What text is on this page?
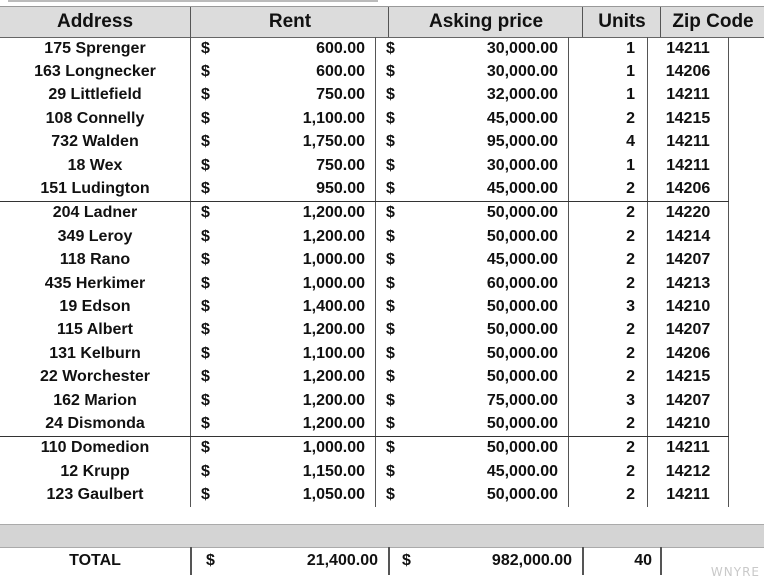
Address	Rent	Asking price	Units	Zip Code
175 Sprenger	$	600.00	$	30,000.00	1	14211
163 Longnecker	$	600.00	$	30,000.00	1	14206
29 Littlefield	$	750.00	$	32,000.00	1	14211
108 Connelly	$	1,100.00	$	45,000.00	2	14215
732 Walden	$	1,750.00	$	95,000.00	4	14211
18 Wex	$	750.00	$	30,000.00	1	14211
151 Ludington	$	950.00	$	45,000.00	2	14206
204 Ladner	$	1,200.00	$	50,000.00	2	14220
349 Leroy	$	1,200.00	$	50,000.00	2	14214
118 Rano	$	1,000.00	$	45,000.00	2	14207
435 Herkimer	$	1,000.00	$	60,000.00	2	14213
19 Edson	$	1,400.00	$	50,000.00	3	14210
115 Albert	$	1,200.00	$	50,000.00	2	14207
131 Kelburn	$	1,100.00	$	50,000.00	2	14206
22 Worchester	$	1,200.00	$	50,000.00	2	14215
162 Marion	$	1,200.00	$	75,000.00	3	14207
24 Dismonda	$	1,200.00	$	50,000.00	2	14210
110 Domedion	$	1,000.00	$	50,000.00	2	14211
12 Krupp	$	1,150.00	$	45,000.00	2	14212
123 Gaulbert	$	1,050.00	$	50,000.00	2	14211
TOTAL	$	21,400.00 $	982,000.00	40
WNYRE
